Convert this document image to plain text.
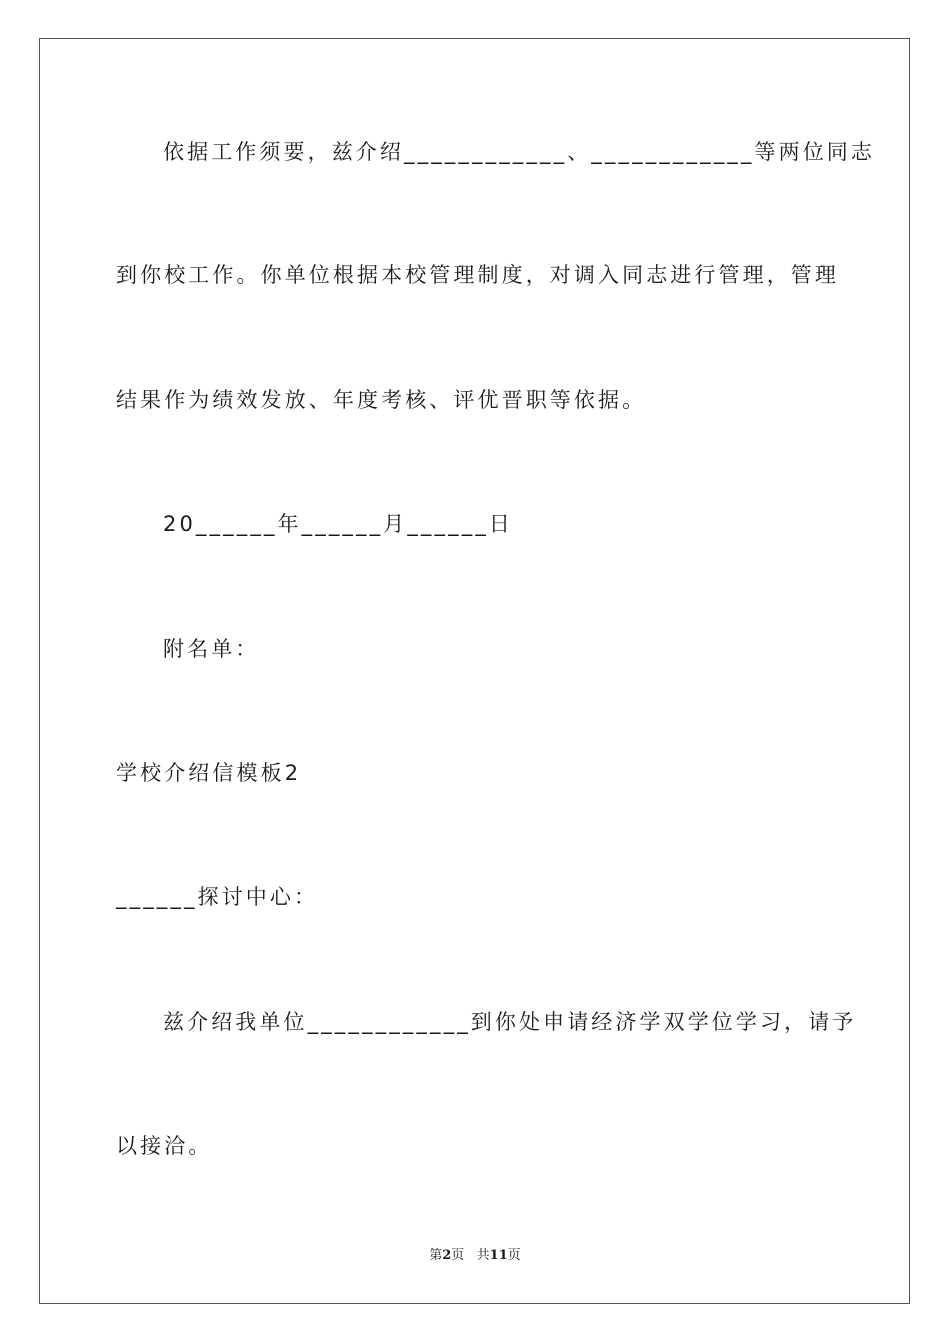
依据工作须要，兹介绍____________、____________等两位同志
到你校工作。你单位根据本校管理制度，对调入同志进行管理，管理
结果作为绩效发放、年度考核、评优晋职等依据。
20______年______月______日
附名单：
学校介绍信模板2
______探讨中心：
兹介绍我单位____________到你处申请经济学双学位学习，请予
以接洽。
第2页   共11页
